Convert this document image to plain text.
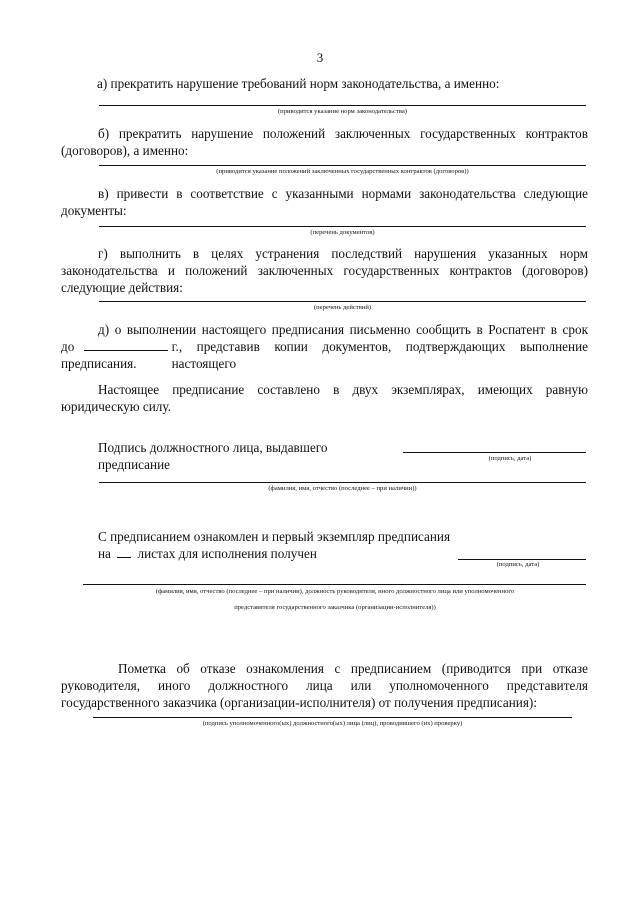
3
а) прекратить нарушение требований норм законодательства, а именно:
(приводится указание норм законодательства)
б) прекратить нарушение положений заключенных государственных контрактов (договоров), а именно:
(приводится указание положений заключенных государственных контрактов (договоров))
в) привести в соответствие с указанными нормами законодательства следующие документы:
(перечень документов)
г) выполнить в целях устранения последствий нарушения указанных норм законодательства и положений заключенных государственных контрактов (договоров) следующие действия:
(перечень действий)
д) о выполнении настоящего предписания письменно сообщить в Роспатент в срок
до	г., представив копии документов, подтверждающих выполнение настоящего
предписания.
Настоящее предписание составлено в двух экземплярах, имеющих равную юридическую силу.
Подпись должностного лица, выдавшего предписание	(подпись, дата)
(фамилия, имя, отчество (последнее – при наличии))
С предписанием ознакомлен и первый экземпляр предписания
на листах для исполнения получен
(подпись, дата)
(фамилия, имя, отчество (последнее – при наличии), должность руководителя, иного должностного лица или уполномоченного
представителя государственного заказчика (организации-исполнителя))
Пометка об отказе ознакомления с предписанием (приводится при отказе руководителя, иного должностного лица или уполномоченного представителя государственного заказчика (организации-исполнителя) от получения предписания):
(подпись уполномоченного(ых) должностного(ых) лица (лиц), проводившего (их) проверку)
